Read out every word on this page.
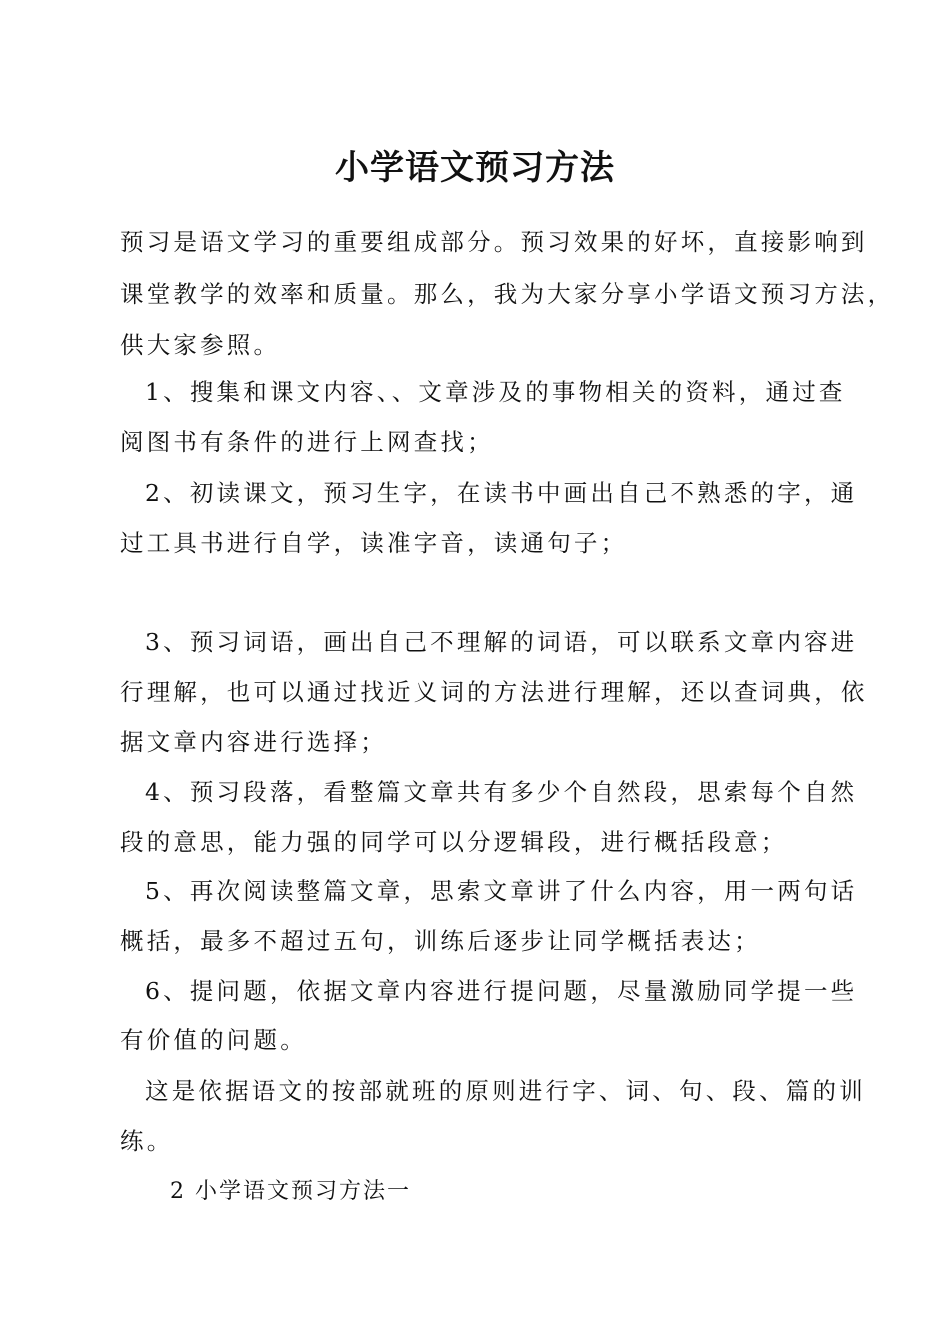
小学语文预习方法
预习是语文学习的重要组成部分。预习效果的好坏，直接影响到
课堂教学的效率和质量。那么，我为大家分享小学语文预习方法，
供大家参照。
1、搜集和课文内容、、文章涉及的事物相关的资料，通过查
阅图书有条件的进行上网查找；
2、初读课文，预习生字，在读书中画出自己不熟悉的字，通
过工具书进行自学，读准字音，读通句子；
3、预习词语，画出自己不理解的词语，可以联系文章内容进
行理解，也可以通过找近义词的方法进行理解，还以查词典，依
据文章内容进行选择；
4、预习段落，看整篇文章共有多少个自然段，思索每个自然
段的意思，能力强的同学可以分逻辑段，进行概括段意；
5、再次阅读整篇文章，思索文章讲了什么内容，用一两句话
概括，最多不超过五句，训练后逐步让同学概括表达；
6、提问题，依据文章内容进行提问题，尽量激励同学提一些
有价值的问题。
这是依据语文的按部就班的原则进行字、词、句、段、篇的训
练。
2 小学语文预习方法一
